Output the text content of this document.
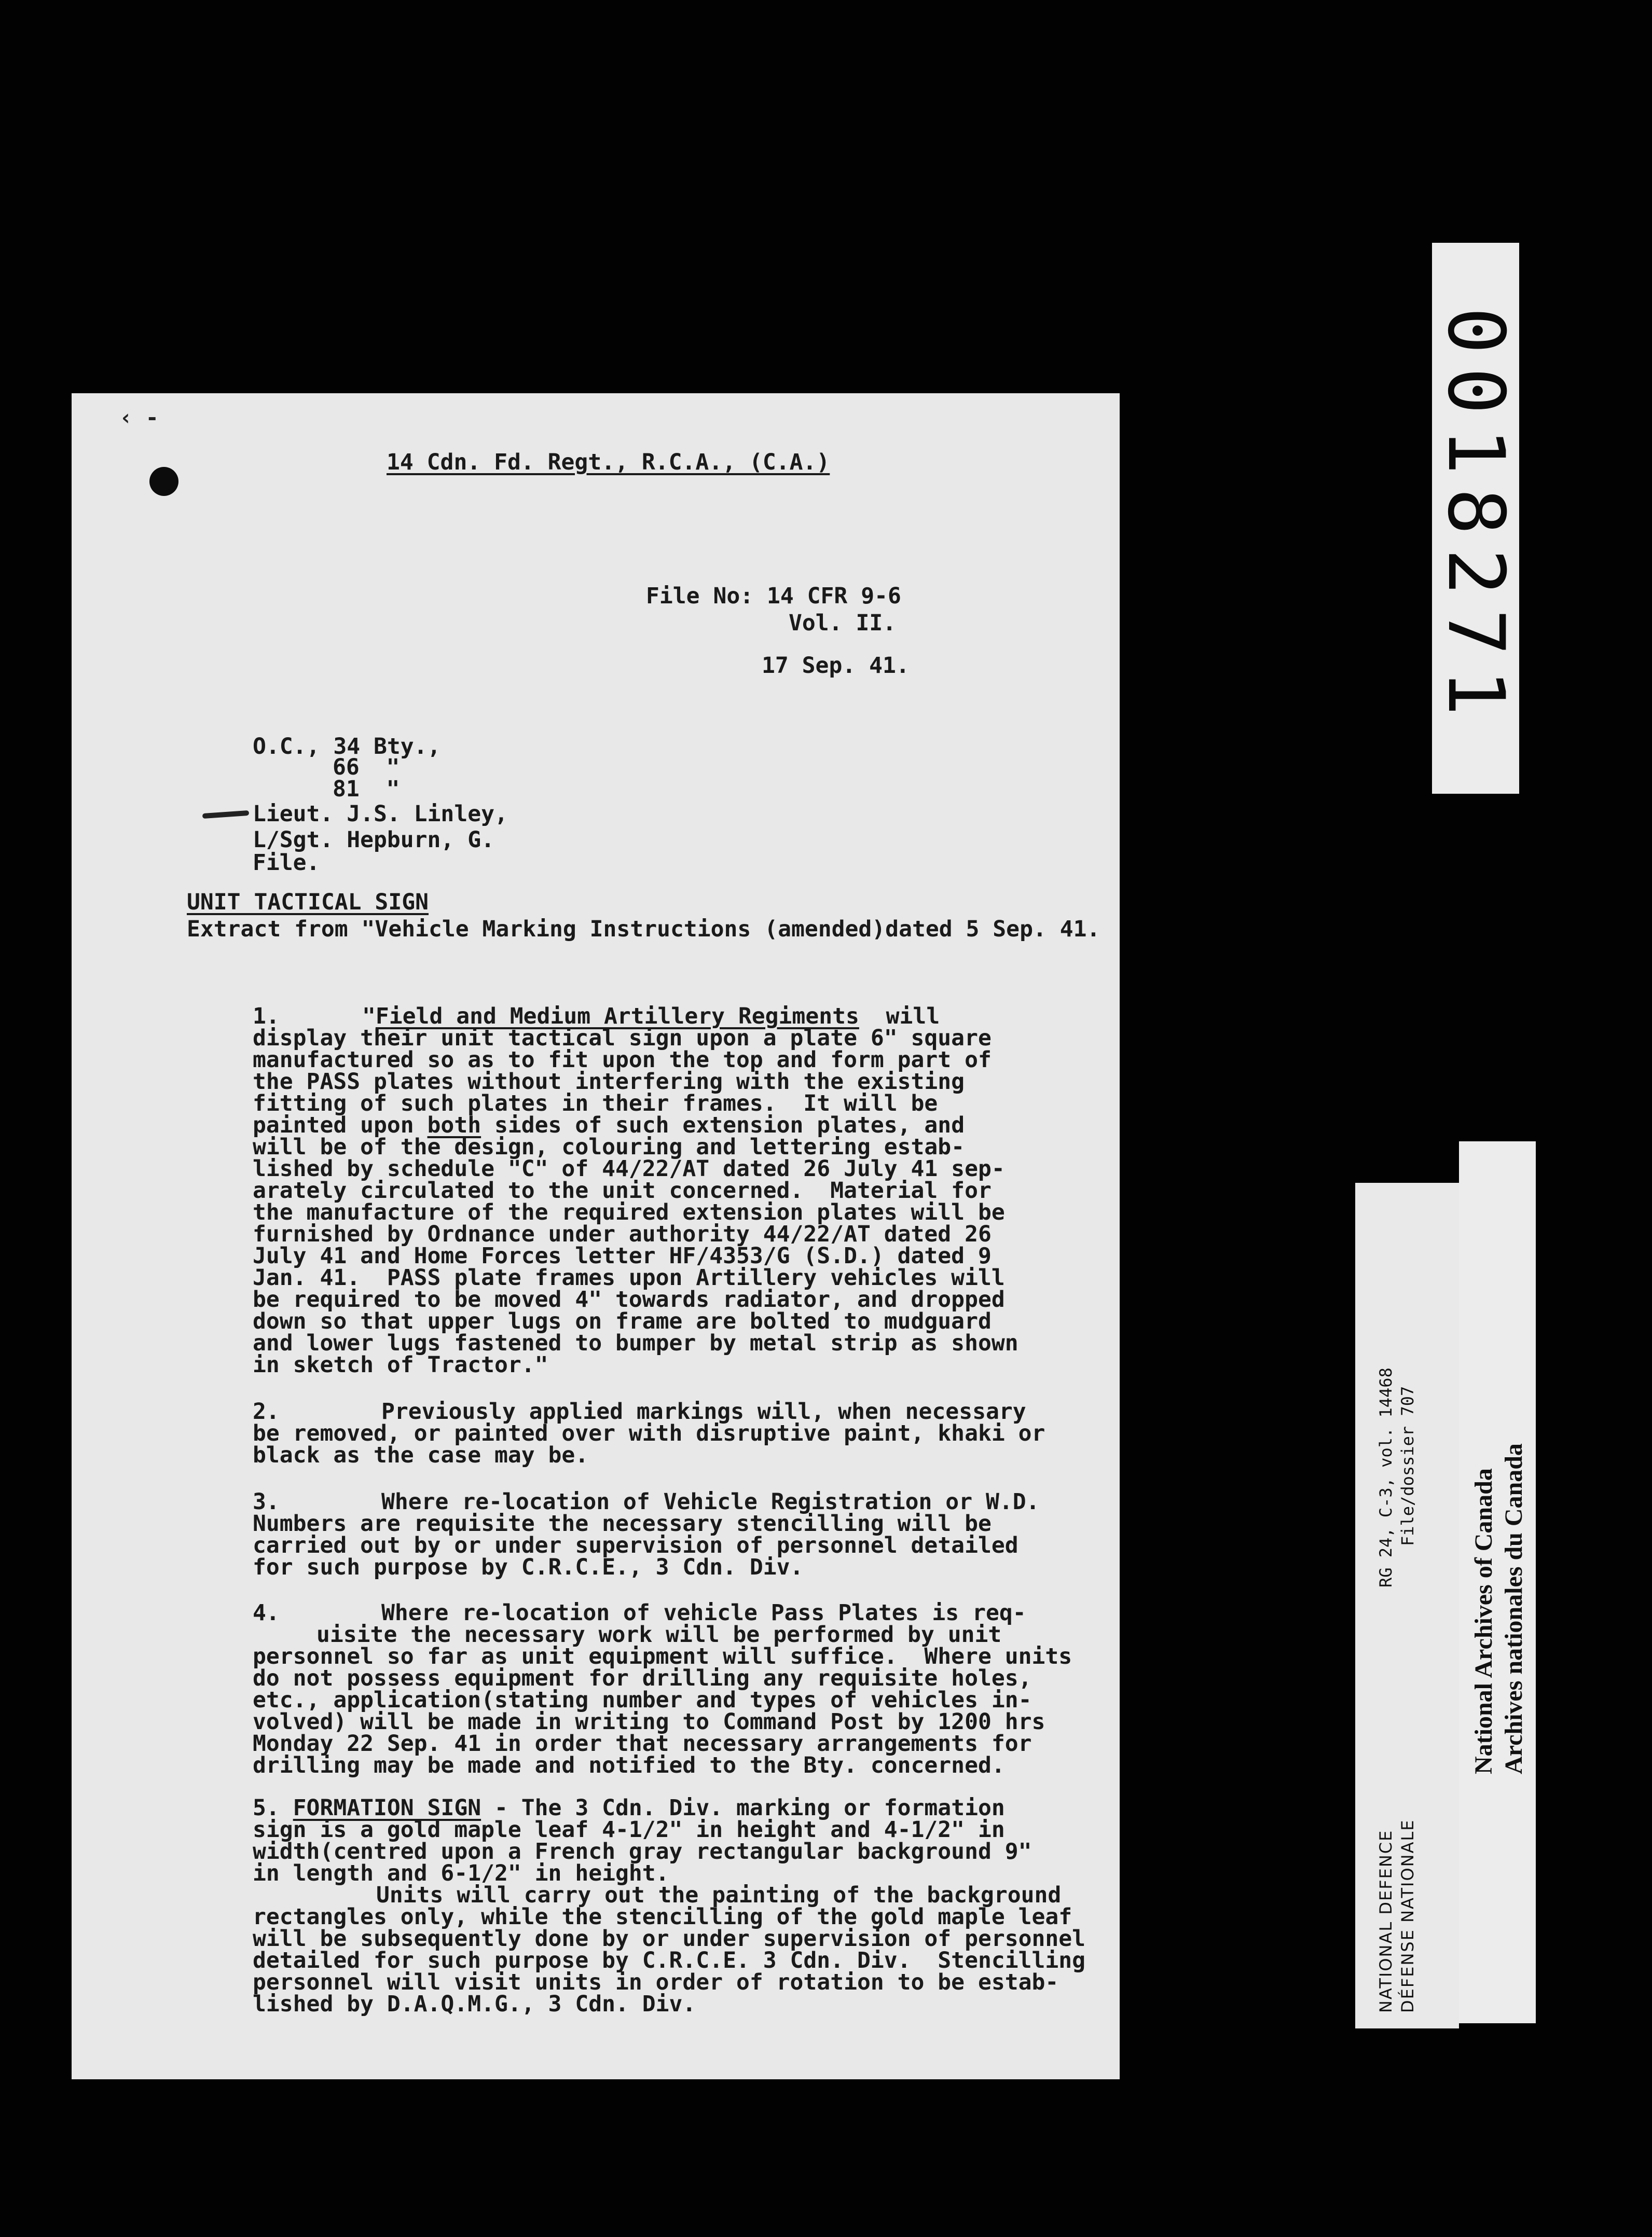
‹ -
14 Cdn. Fd. Regt., R.C.A., (C.A.)
File No: 14 CFR 9-6
Vol. II.
17 Sep. 41.
O.C., 34 Bty.,
66  "
81  "
Lieut. J.S. Linley,
L/Sgt. Hepburn, G.
File.
UNIT TACTICAL SIGN
Extract from "Vehicle Marking Instructions (amended)dated 5 Sep. 41.
1.	"Field and Medium Artillery Regiments  will
display their unit tactical sign upon a plate 6" square
manufactured so as to fit upon the top and form part of
the PASS plates without interfering with the existing
fitting of such plates in their frames.  It will be
painted upon both sides of such extension plates, and
will be of the design, colouring and lettering estab-
lished by schedule "C" of 44/22/AT dated 26 July 41 sep-
arately circulated to the unit concerned.  Material for
the manufacture of the required extension plates will be
furnished by Ordnance under authority 44/22/AT dated 26
July 41 and Home Forces letter HF/4353/G (S.D.) dated 9
Jan. 41.  PASS plate frames upon Artillery vehicles will
be required to be moved 4" towards radiator, and dropped
down so that upper lugs on frame are bolted to mudguard
and lower lugs fastened to bumper by metal strip as shown
in sketch of Tractor."
2.	Previously applied markings will, when necessary
be removed, or painted over with disruptive paint, khaki or
black as the case may be.
3.	Where re-location of Vehicle Registration or W.D.
Numbers are requisite the necessary stencilling will be
carried out by or under supervision of personnel detailed
for such purpose by C.R.C.E., 3 Cdn. Div.
4.	Where re-location of vehicle Pass Plates is req-
uisite the necessary work will be performed by unit
personnel so far as unit equipment will suffice.  Where units
do not possess equipment for drilling any requisite holes,
etc., application(stating number and types of vehicles in-
volved) will be made in writing to Command Post by 1200 hrs
Monday 22 Sep. 41 in order that necessary arrangements for
drilling may be made and notified to the Bty. concerned.
5. FORMATION SIGN - The 3 Cdn. Div. marking or formation
sign is a gold maple leaf 4-1/2" in height and 4-1/2" in
width(centred upon a French gray rectangular background 9"
in length and 6-1/2" in height.
Units will carry out the painting of the background
rectangles only, while the stencilling of the gold maple leaf
will be subsequently done by or under supervision of personnel
detailed for such purpose by C.R.C.E. 3 Cdn. Div.  Stencilling
personnel will visit units in order of rotation to be estab-
lished by D.A.Q.M.G., 3 Cdn. Div.
0018271
RG 24, C-3, vol. 14468 File/dossier 707
NATIONAL DEFENCE DÉFENSE NATIONALE
National Archives of Canada Archives nationales du Canada
